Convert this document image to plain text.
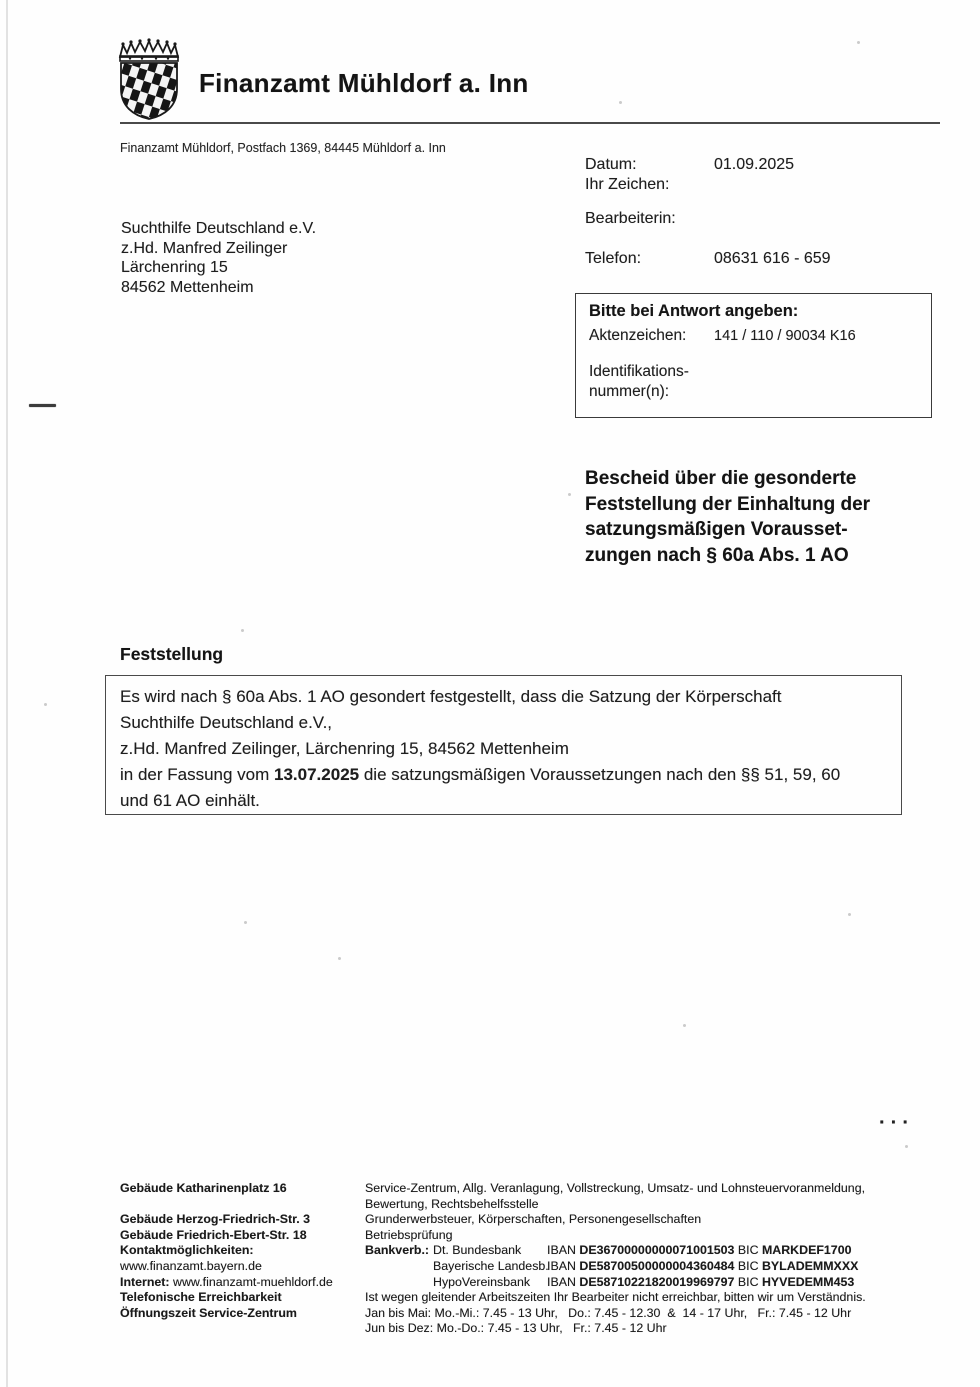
Finanzamt Mühldorf a. Inn
Finanzamt Mühldorf, Postfach 1369, 84445 Mühldorf a. Inn
Suchthilfe Deutschland e.V.
z.Hd. Manfred Zeilinger
Lärchenring 15
84562 Mettenheim
Datum:	01.09.2025
Ihr Zeichen:
Bearbeiterin:
Telefon:	08631 616 - 659
Bitte bei Antwort angeben:
Aktenzeichen: 141 / 110 / 90034 K16
Identifikations-
nummer(n):
Bescheid über die gesonderte
Feststellung der Einhaltung der
satzungsmäßigen Vorausset-
zungen nach § 60a Abs. 1 AO
Feststellung
Es wird nach § 60a Abs. 1 AO gesondert festgestellt, dass die Satzung der Körperschaft
Suchthilfe Deutschland e.V.,
z.Hd. Manfred Zeilinger, Lärchenring 15, 84562 Mettenheim
in der Fassung vom 13.07.2025 die satzungsmäßigen Voraussetzungen nach den §§ 51, 59, 60
und 61 AO einhält.
···
Gebäude Katharinenplatz 16
Gebäude Herzog-Friedrich-Str. 3
Gebäude Friedrich-Ebert-Str. 18
Kontaktmöglichkeiten:
www.finanzamt.bayern.de
Internet: www.finanzamt-muehldorf.de
Telefonische Erreichbarkeit
Öffnungszeit Service-Zentrum
Service-Zentrum, Allg. Veranlagung, Vollstreckung, Umsatz- und Lohnsteuervoranmeldung,
Bewertung, Rechtsbehelfsstelle
Grunderwerbsteuer, Körperschaften, Personengesellschaften
Betriebsprüfung
Bankverb.: Dt. Bundesbank IBAN DE36700000000071001503 BIC MARKDEF1700
Bayerische Landesb.
IBAN DE58700500000004360484 BIC BYLADEMMXXX
HypoVereinsbank IBAN DE58710221820019969797 BIC HYVEDEMM453
Ist wegen gleitender Arbeitszeiten Ihr Bearbeiter nicht erreichbar, bitten wir um Verständnis.
Jan bis Mai: Mo.-Mi.: 7.45 - 13 Uhr,   Do.: 7.45 - 12.30  &  14 - 17 Uhr,   Fr.: 7.45 - 12 Uhr
Jun bis Dez: Mo.-Do.: 7.45 - 13 Uhr,   Fr.: 7.45 - 12 Uhr
